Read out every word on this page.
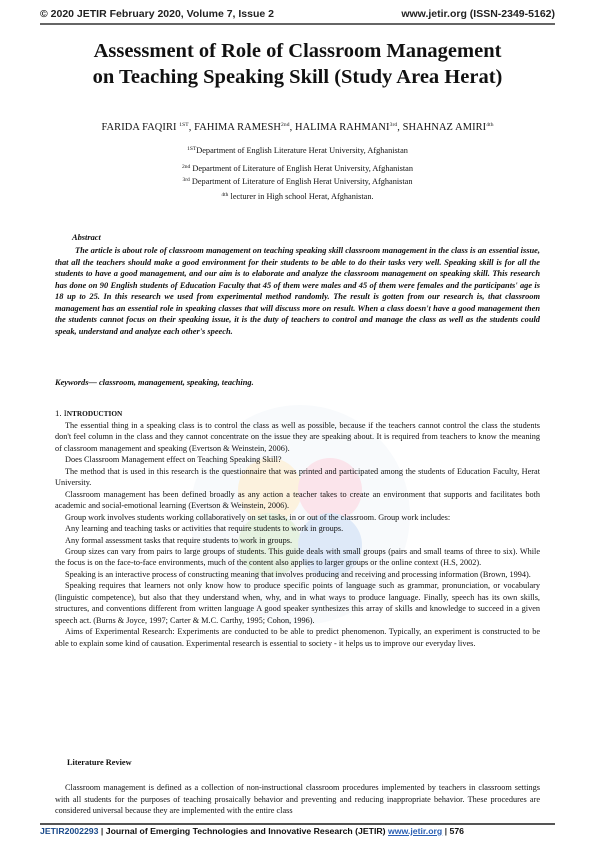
© 2020 JETIR February 2020, Volume 7, Issue 2	www.jetir.org (ISSN-2349-5162)
Assessment of Role of Classroom Management
on Teaching Speaking Skill (Study Area Herat)
FARIDA FAQIRI $^{1ST}$, FAHIMA $RAMESH^{2nd}$, HALIMA $RAHMANI^{3rd}$, SHAHNAZ $AMIRI^{4th}$
$^{1ST}$Department of English Literature Herat University, Afghanistan
$^{2nd}$ Department of Literature of English Herat University, Afghanistan
$^{3rd}$ Department of Literature of English Herat University, Afghanistan
$^{4th}$ lecturer in High school Herat, Afghanistan.
Abstract
The article is about role of classroom management on teaching speaking skill classroom management in the class is an essential issue, that all the teachers should make a good environment for their students to be able to do their tasks very well. Speaking skill is for all the students to have a good management, and our aim is to elaborate and analyze the classroom management on speaking skill. This research has done on 90 English students of Education Faculty that 45 of them were males and 45 of them were females and the participants' age is 18 up to 25. In this research we used from experimental method randomly. The result is gotten from our research is, that classroom management has an essential role in speaking classes that will discuss more on result. When a class doesn't have a good management then the students cannot focus on their speaking issue, it is the duty of teachers to control and manage the class as well as the students could speak, understand and analyze each other's speech.
Keywords— classroom, management, speaking, teaching.
1. INTRODUCTION

The essential thing in a speaking class is to control the class as well as possible, because if the teachers cannot control the class the students don't feel column in the class and they cannot concentrate on the issue they are speaking about. It is required from teachers to know the meaning of classroom management and speaking (Evertson & Weinstein, 2006).

Does Classroom Management effect on Teaching Speaking Skill?

The method that is used in this research is the questionnaire that was printed and participated among the students of Education Faculty, Herat University.

Classroom management has been defined broadly as any action a teacher takes to create an environment that supports and facilitates both academic and social-emotional learning (Evertson & Weinstein, 2006).

Group work involves students working collaboratively on set tasks, in or out of the classroom. Group work includes:

Any learning and teaching tasks or activities that require students to work in groups.

Any formal assessment tasks that require students to work in groups.

Group sizes can vary from pairs to large groups of students. This guide deals with small groups (pairs and small teams of three to six). While the focus is on the face-to-face environments, much of the content also applies to larger groups or the online context (H.S, 2002).

Speaking is an interactive process of constructing meaning that involves producing and receiving and processing information (Brown, 1994).

Speaking requires that learners not only know how to produce specific points of language such as grammar, pronunciation, or vocabulary (linguistic competence), but also that they understand when, why, and in what ways to produce language. Finally, speech has its own skills, structures, and conventions different from written language A good speaker synthesizes this array of skills and knowledge to succeed in a given speech act. (Burns & Joyce, 1997; Carter & M.C. Carthy, 1995; Cohon, 1996).

Aims of Experimental Research: Experiments are conducted to be able to predict phenomenon. Typically, an experiment is constructed to be able to explain some kind of causation. Experimental research is essential to society - it helps us to improve our everyday lives.

Literature Review

Classroom management is defined as a collection of non-instructional classroom procedures implemented by teachers in classroom settings with all students for the purposes of teaching prosaically behavior and preventing and reducing inappropriate behavior. These procedures are considered universal because they are implemented with the entire class

JETIR2002293 | Journal of Emerging Technologies and Innovative Research (JETIR) www.jetir.org | 576
